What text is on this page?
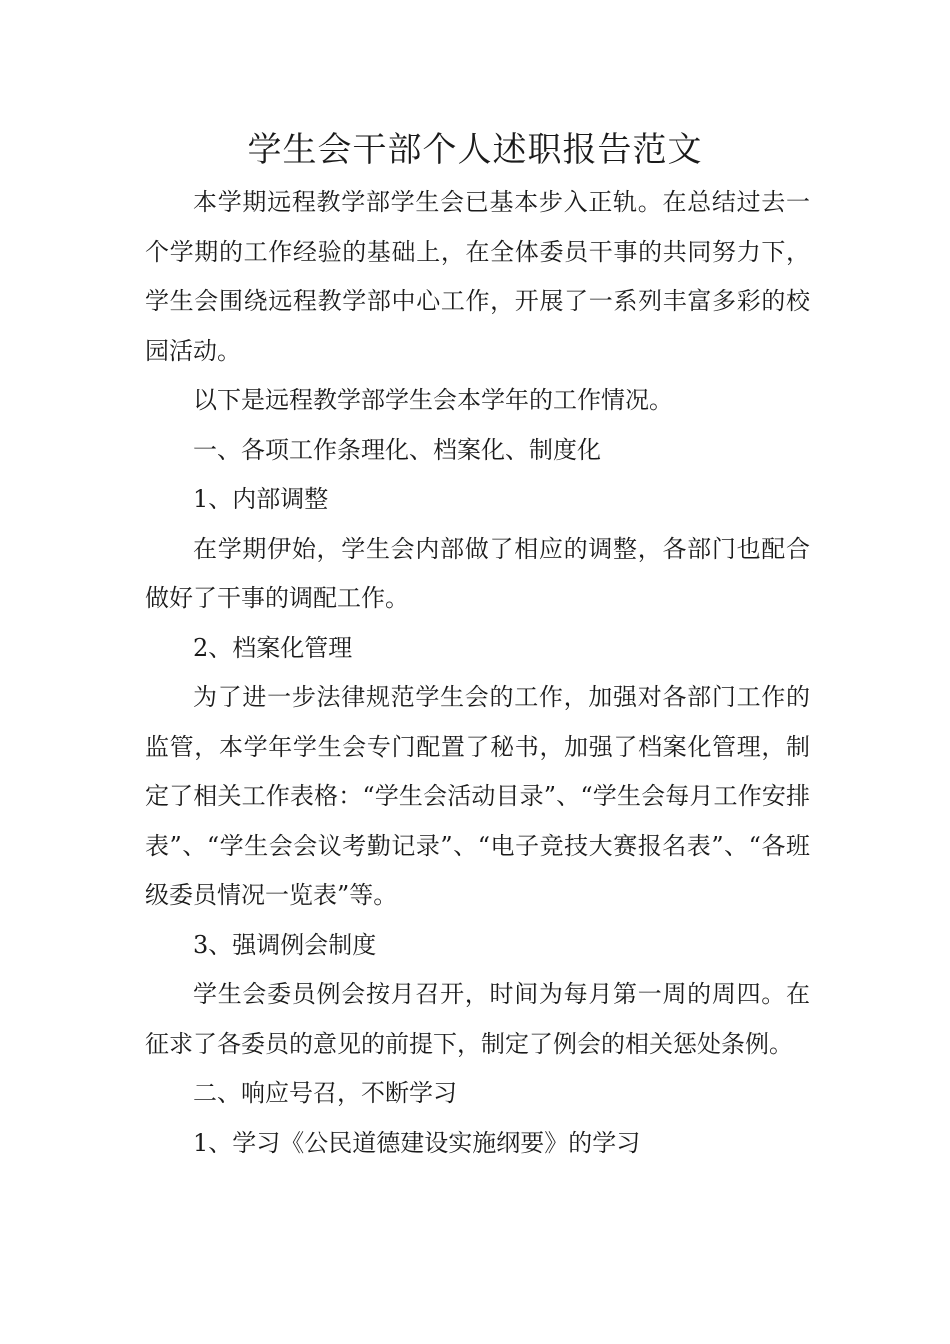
学生会干部个人述职报告范文

本学期远程教学部学生会已基本步入正轨。在总结过去一个学期的工作经验的基础上，在全体委员干事的共同努力下，学生会围绕远程教学部中心工作，开展了一系列丰富多彩的校园活动。

以下是远程教学部学生会本学年的工作情况。

一、各项工作条理化、档案化、制度化

1、内部调整

在学期伊始，学生会内部做了相应的调整，各部门也配合做好了干事的调配工作。

2、档案化管理

为了进一步法律规范学生会的工作，加强对各部门工作的监管，本学年学生会专门配置了秘书，加强了档案化管理，制定了相关工作表格：“学生会活动目录”、“学生会每月工作安排表”、“学生会会议考勤记录”、“电子竞技大赛报名表”、“各班级委员情况一览表”等。

3、强调例会制度

学生会委员例会按月召开，时间为每月第一周的周四。在征求了各委员的意见的前提下，制定了例会的相关惩处条例。

二、响应号召，不断学习

1、学习《公民道德建设实施纲要》的学习
